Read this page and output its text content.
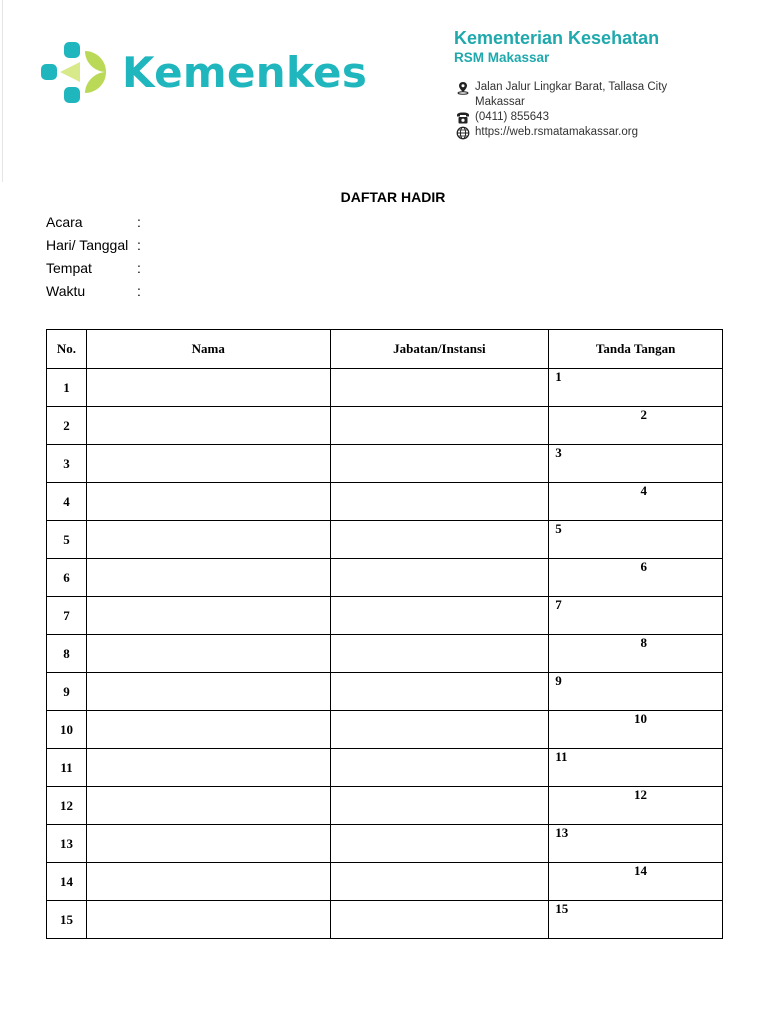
Kemenkes
Kementerian Kesehatan
RSM Makassar
Jalan Jalur Lingkar Barat, Tallasa City
Makassar
(0411) 855643
https://web.rsmatamakassar.org
DAFTAR HADIR
Acara	:
Hari/ Tanggal :
Tempat	:
Waktu	:
No.	Nama	Jabatan/Instansi	Tanda Tangan
1			1

2			2

3			3

4			4

5			5

6			6

7			7

8			8

9			9

10			10

11			11

12			12

13			13

14			14

15			15
